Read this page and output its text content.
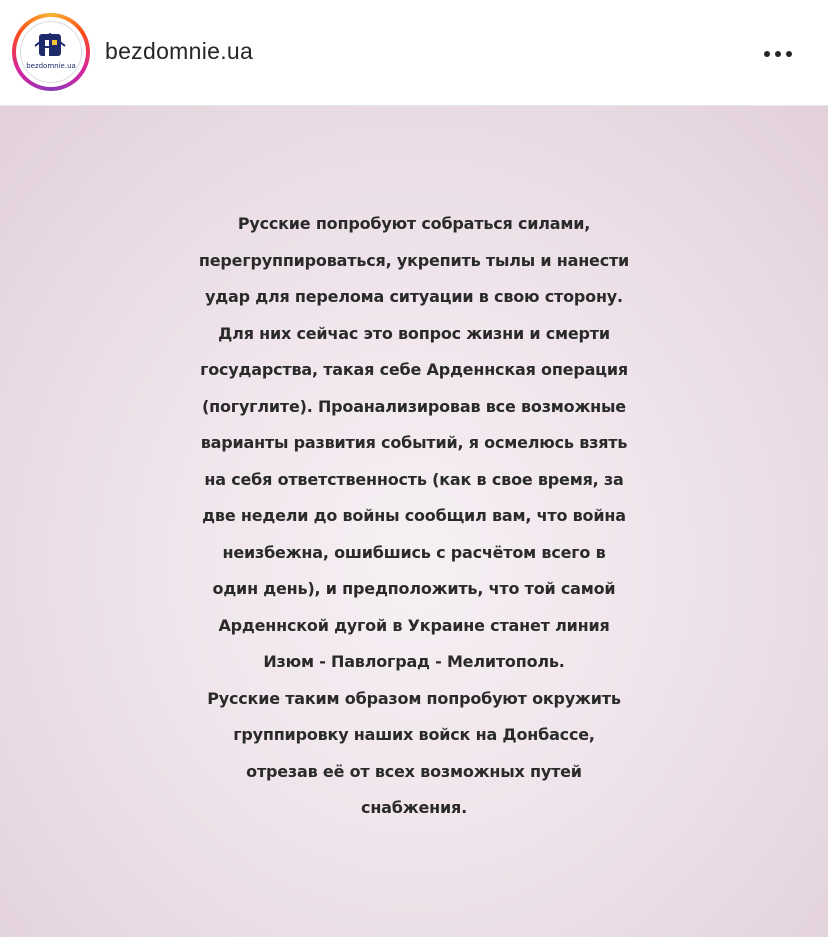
bezdomnie.ua
bezdomnie.ua
Русские попробуют собраться силами,
перегруппироваться, укрепить тылы и нанести
удар для перелома ситуации в свою сторону.
Для них сейчас это вопрос жизни и смерти
государства, такая себе Арденнская операция
(погуглите). Проанализировав все возможные
варианты развития событий, я осмелюсь взять
на себя ответственность (как в свое время, за
две недели до войны сообщил вам, что война
неизбежна, ошибшись с расчётом всего в
один день), и предположить, что той самой
Арденнской дугой в Украине станет линия
Изюм - Павлоград - Мелитополь.
Русские таким образом попробуют окружить
группировку наших войск на Донбассе,
отрезав её от всех возможных путей
снабжения.
